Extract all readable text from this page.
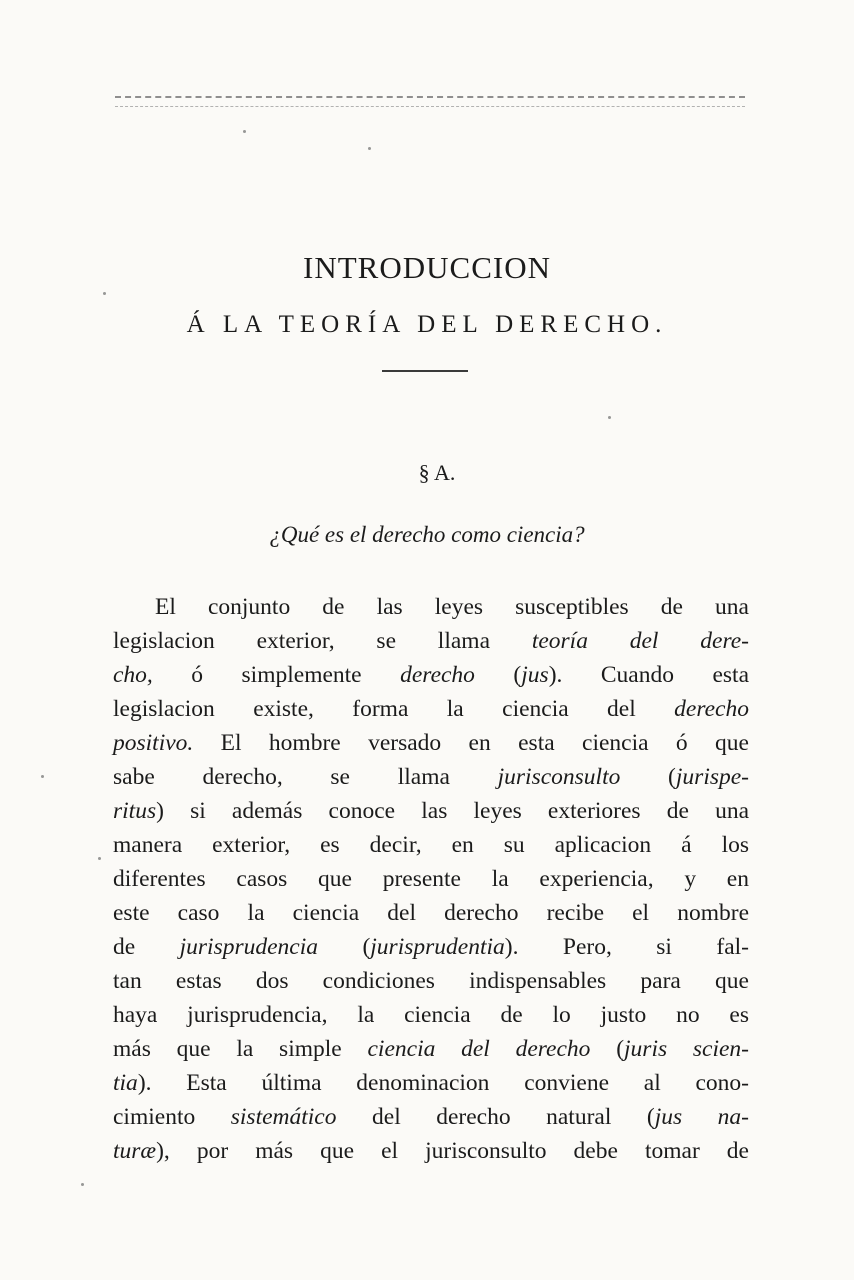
INTRODUCCION
Á LA TEORÍA DEL DERECHO.
§ A.
¿Qué es el derecho como ciencia?
El conjunto de las leyes susceptibles de una
legislacion exterior, se llama teoría del dere-
cho, ó simplemente derecho (jus). Cuando esta
legislacion existe, forma la ciencia del derecho
positivo. El hombre versado en esta ciencia ó que
sabe derecho, se llama jurisconsulto (jurispe-
ritus) si además conoce las leyes exteriores de una
manera exterior, es decir, en su aplicacion á los
diferentes casos que presente la experiencia, y en
este caso la ciencia del derecho recibe el nombre
de jurisprudencia (jurisprudentia). Pero, si fal-
tan estas dos condiciones indispensables para que
haya jurisprudencia, la ciencia de lo justo no es
más que la simple ciencia del derecho (juris scien-
tia). Esta última denominacion conviene al cono-
cimiento sistemático del derecho natural (jus na-
turæ), por más que el jurisconsulto debe tomar de
